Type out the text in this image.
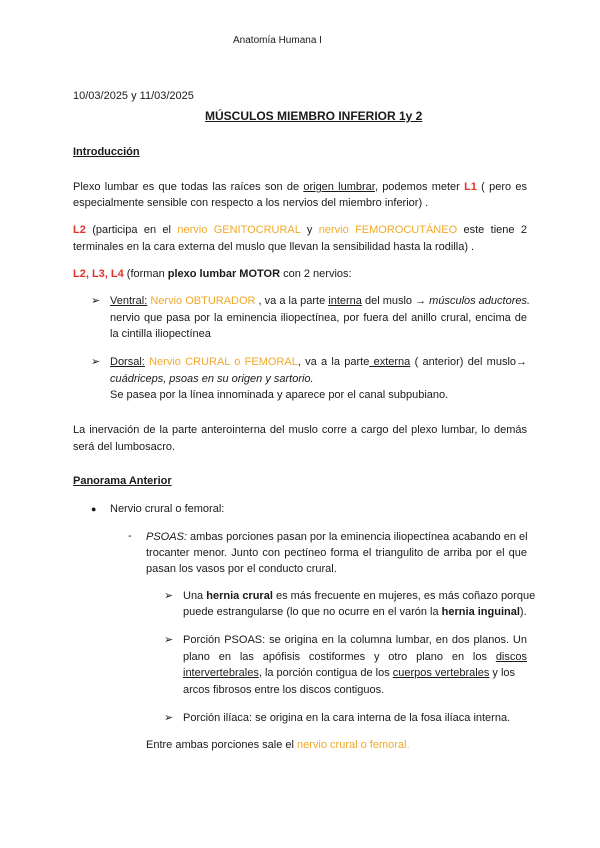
Anatomía Humana I
10/03/2025 y 11/03/2025
MÚSCULOS MIEMBRO INFERIOR 1y 2
Introducción
Plexo lumbar es que todas las raíces son de origen lumbrar, podemos meter L1 ( pero es
especialmente sensible con respecto a los nervios del miembro inferior) .
L2 (participa en el nervio GENITOCRURAL y nervio FEMOROCUTÁNEO este tiene 2
terminales en la cara externa del muslo que llevan la sensibilidad hasta la rodilla) .
L2, L3, L4 (forman plexo lumbar MOTOR con 2 nervios:
➢ Ventral: Nervio OBTURADOR , va a la parte interna del muslo → músculos aductores.
nervio que pasa por la eminencia iliopectínea, por fuera del anillo crural, encima de
la cintilla iliopectínea
➢ Dorsal: Nervio CRURAL o FEMORAL, va a la parte externa ( anterior) del muslo→
cuádriceps, psoas en su origen y sartorio.
Se pasea por la línea innominada y aparece por el canal subpubiano.
La inervación de la parte anterointerna del muslo corre a cargo del plexo lumbar, lo demás
será del lumbosacro.
Panorama Anterior
● Nervio crural o femoral:
- PSOAS: ambas porciones pasan por la eminencia iliopectínea acabando en el
trocanter menor. Junto con pectíneo forma el triangulito de arriba por el que
pasan los vasos por el conducto crural.
➢ Una hernia crural es más frecuente en mujeres, es más coñazo porque
puede estrangularse (lo que no ocurre en el varón la hernia inguinal).
➢ Porción PSOAS: se origina en la columna lumbar, en dos planos. Un
plano en las apófisis costiformes y otro plano en los discos
intervertebrales, la porción contigua de los cuerpos vertebrales y los
arcos fibrosos entre los discos contiguos.
➢ Porción ilíaca: se origina en la cara interna de la fosa ilíaca interna.
Entre ambas porciones sale el nervio crural o femoral.
